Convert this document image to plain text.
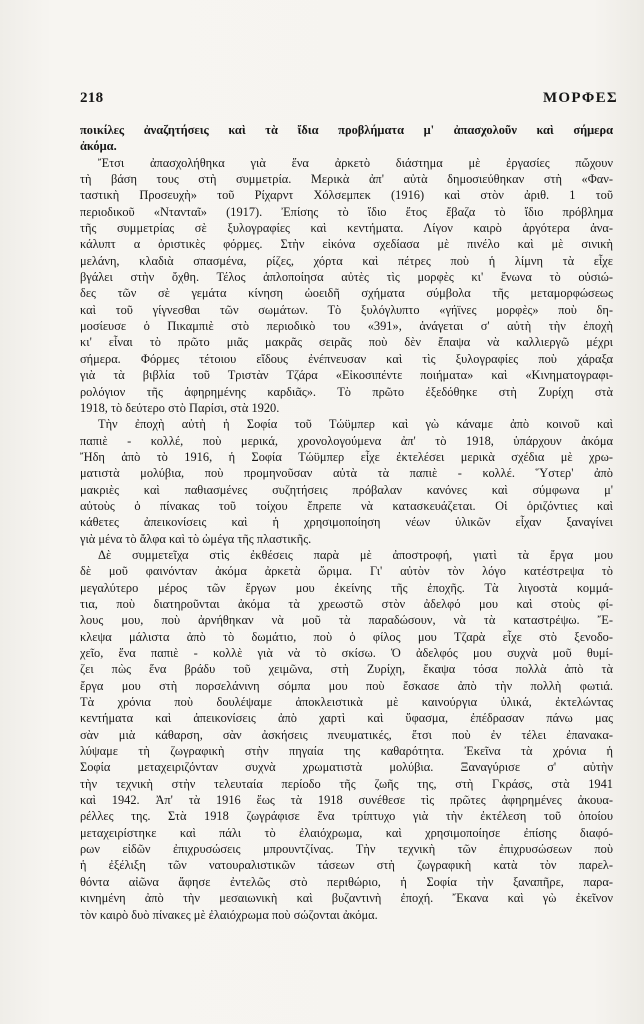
218	ΜΟΡΦΕΣ
ποικίλες ἀναζητήσεις καὶ τὰ ἴδια προβλήματα μ' ἀπασχολοῦν καὶ σήμερα
ἀκόμα.
Ἔτσι ἀπασχολήθηκα γιὰ ἕνα ἀρκετὸ διάστημα μὲ ἐργασίες πὤχουν
τὴ βάση τους στὴ συμμετρία. Μερικὰ ἀπ' αὐτὰ δημοσιεύθηκαν στὴ «Φαν-
ταστικὴ Προσευχὴ» τοῦ Ρίχαρντ Χόλσεμπεκ (1916) καὶ στὸν ἀριθ. 1 τοῦ
περιοδικοῦ «Ντανταῖ» (1917). Ἐπίσης τὸ ἴδιο ἔτος ἔβαζα τὸ ἴδιο πρόβλημα
τῆς συμμετρίας σὲ ξυλογραφίες καὶ κεντήματα. Λίγον καιρὸ ἀργότερα ἀνα-
κάλυπτ α ὀριστικὲς φόρμες. Στὴν εἰκόνα σχεδίασα μὲ πινέλο καὶ μὲ σινικὴ
μελάνη, κλαδιὰ σπασμένα, ρίζες, χόρτα καὶ πέτρες ποὺ ἡ λίμνη τὰ εἶχε
βγάλει στὴν ὄχθη. Τέλος ἁπλοποίησα αὐτὲς τὶς μορφὲς κι' ἔνωνα τὸ οὐσιώ-
δες τῶν σὲ γεμάτα κίνηση ὠοειδῆ σχήματα σύμβολα τῆς μεταμορφώσεως
καὶ τοῦ γίγνεσθαι τῶν σωμάτων. Τὸ ξυλόγλυπτο «γήϊνες μορφὲς» ποὺ δη-
μοσίευσε ὁ Πικαμπιὲ στὸ περιοδικὸ του «391», ἀνάγεται σ' αὐτὴ τὴν ἐποχὴ
κι' εἶναι τὸ πρῶτο μιᾶς μακρᾶς σειρᾶς ποὺ δὲν ἔπαψα νὰ καλλιεργῶ μέχρι
σήμερα. Φόρμες τέτοιου εἴδους ἐνέπνευσαν καὶ τὶς ξυλογραφίες ποὺ χάραξα
γιὰ τὰ βιβλία τοῦ Τριστὰν Τζάρα «Εἰκοσιπέντε ποιήματα» καὶ «Κινηματογραφι-
ρολόγιον τῆς ἀφηρημένης καρδιᾶς». Τὸ πρῶτο ἐξεδόθηκε στὴ Ζυρίχη στὰ
1918, τὸ δεύτερο στὸ Παρίσι, στὰ 1920.
Τὴν ἐποχὴ αὐτὴ ἡ Σοφία τοῦ Τώϋμπερ καὶ γὼ κάναμε ἀπὸ κοινοῦ καὶ
παπιὲ - κολλέ, ποὺ μερικά, χρονολογούμενα ἀπ' τὸ 1918, ὑπάρχουν ἀκόμα
Ἤδη ἀπὸ τὸ 1916, ἡ Σοφία Τώϋμπερ εἶχε ἐκτελέσει μερικὰ σχέδια μὲ χρω-
ματιστὰ μολύβια, ποὺ προμηνοῦσαν αὐτὰ τὰ παπιὲ - κολλέ. Ὕστερ' ἀπὸ
μακριὲς καὶ παθιασμένες συζητήσεις πρόβαλαν κανόνες καὶ σύμφωνα μ'
αὐτοὺς ὁ πίνακας τοῦ τοίχου ἔπρεπε νὰ κατασκευάζεται. Οἱ ὁριζόντιες καὶ
κάθετες ἀπεικονίσεις καὶ ἡ χρησιμοποίηση νέων ὑλικῶν εἶχαν ξαναγίνει
γιὰ μένα τὸ ἄλφα καὶ τὸ ὠμέγα τῆς πλαστικῆς.
Δὲ συμμετεῖχα στὶς ἐκθέσεις παρὰ μὲ ἀποστροφή, γιατὶ τὰ ἔργα μου
δὲ μοῦ φαινόνταν ἀκόμα ἀρκετὰ ὥριμα. Γι' αὐτὸν τὸν λόγο κατέστρεψα τὸ
μεγαλύτερο μέρος τῶν ἔργων μου ἐκείνης τῆς ἐποχῆς. Τὰ λιγοστὰ κομμά-
τια, ποὺ διατηροῦνται ἀκόμα τὰ χρεωστῶ στὸν ἀδελφό μου καὶ στοὺς φί-
λους μου, ποὺ ἀρνήθηκαν νὰ μοῦ τὰ παραδώσουν, νὰ τὰ καταστρέψω. Ἔ-
κλεψα μάλιστα ἀπὸ τὸ δωμάτιο, ποὺ ὁ φίλος μου Τζαρὰ εἶχε στὸ ξενοδο-
χεῖο, ἕνα παπιὲ - κολλὲ γιὰ νὰ τὸ σκίσω. Ὁ ἀδελφός μου συχνὰ μοῦ θυμί-
ζει πὼς ἕνα βράδυ τοῦ χειμῶνα, στὴ Ζυρίχη, ἔκαψα τόσα πολλὰ ἀπὸ τὰ
ἔργα μου στὴ πορσελάνινη σόμπα μου ποὺ ἔσκασε ἀπὸ τὴν πολλὴ φωτιά.
Τὰ χρόνια ποὺ δουλέψαμε ἀποκλειστικὰ μὲ καινούργια ὑλικά, ἐκτελώντας
κεντήματα καὶ ἀπεικονίσεις ἀπὸ χαρτὶ καὶ ὕφασμα, ἐπέδρασαν πάνω μας
σὰν μιὰ κάθαρση, σὰν ἀσκήσεις πνευματικές, ἔτσι ποὺ ἐν τέλει ἐπανακα-
λύψαμε τὴ ζωγραφικὴ στὴν πηγαία της καθαρότητα. Ἐκεῖνα τὰ χρόνια ἡ
Σοφία μεταχειριζόνταν συχνὰ χρωματιστὰ μολύβια. Ξαναγύρισε σ' αὐτὴν
τὴν τεχνικὴ στὴν τελευταία περίοδο τῆς ζωῆς της, στὴ Γκράσς, στὰ 1941
καὶ 1942. Ἀπ' τὰ 1916 ἕως τὰ 1918 συνέθεσε τὶς πρῶτες ἀφηρημένες ἀκουα-
ρέλλες της. Στὰ 1918 ζωγράφισε ἕνα τρίπτυχο γιὰ τὴν ἐκτέλεση τοῦ ὁποίου
μεταχειρίστηκε καὶ πάλι τὸ ἐλαιόχρωμα, καὶ χρησιμοποίησε ἐπίσης διαφό-
ρων εἰδῶν ἐπιχρυσώσεις μπρουντζίνας. Τὴν τεχνικὴ τῶν ἐπιχρυσώσεων ποὺ
ἡ ἐξέλιξη τῶν νατουραλιστικῶν τάσεων στὴ ζωγραφικὴ κατὰ τὸν παρελ-
θόντα αἰῶνα ἄφησε ἐντελῶς στὸ περιθώριο, ἡ Σοφία τὴν ξαναπῆρε, παρα-
κινημένη ἀπὸ τὴν μεσαιωνικὴ καὶ βυζαντινὴ ἐποχή. Ἔκανα καὶ γὼ ἐκεῖνον
τὸν καιρὸ δυὸ πίνακες μὲ ἐλαιόχρωμα ποὺ σώζονται ἀκόμα.
